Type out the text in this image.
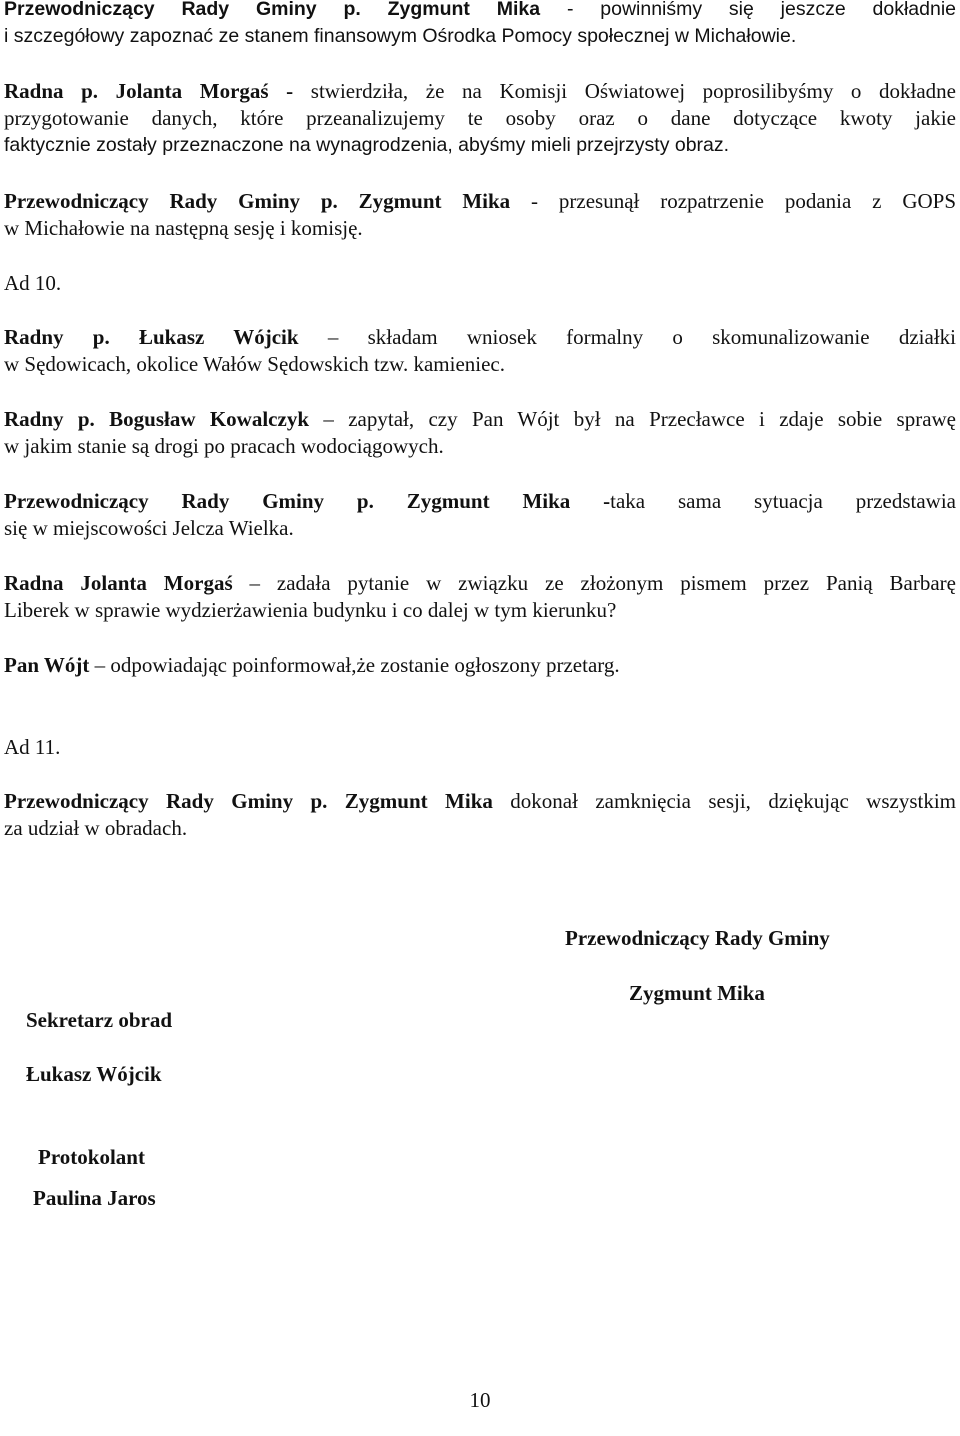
Przewodniczący Rady Gminy p. Zygmunt Mika - powinniśmy się jeszcze dokładnie
i szczegółowy zapoznać ze stanem finansowym Ośrodka Pomocy społecznej w Michałowie.
Radna p. Jolanta Morgaś - stwierdziła, że na Komisji Oświatowej poprosilibyśmy o dokładne
przygotowanie danych, które przeanalizujemy te osoby oraz o dane dotyczące kwoty jakie
faktycznie zostały przeznaczone na wynagrodzenia, abyśmy mieli przejrzysty obraz.
Przewodniczący Rady Gminy p. Zygmunt Mika - przesunął rozpatrzenie podania z GOPS
w Michałowie na następną sesję i komisję.
Ad 10.
Radny p. Łukasz Wójcik – składam wniosek formalny o skomunalizowanie działki
w Sędowicach, okolice Wałów Sędowskich tzw. kamieniec.
Radny p. Bogusław Kowalczyk – zapytał, czy Pan Wójt był na Przecławce i zdaje sobie sprawę
w jakim stanie są drogi po pracach wodociągowych.
Przewodniczący Rady Gminy p. Zygmunt Mika -taka sama sytuacja przedstawia
się w miejscowości Jelcza Wielka.
Radna Jolanta Morgaś – zadała pytanie w związku ze złożonym pismem przez Panią Barbarę
Liberek w sprawie wydzierżawienia budynku i co dalej w tym kierunku?
Pan Wójt – odpowiadając poinformował,że zostanie ogłoszony przetarg.
Ad 11.
Przewodniczący Rady Gminy p. Zygmunt Mika dokonał zamknięcia sesji, dziękując wszystkim
za udział w obradach.
Przewodniczący Rady Gminy
Zygmunt Mika
Sekretarz obrad
Łukasz Wójcik
Protokolant
Paulina Jaros
10
